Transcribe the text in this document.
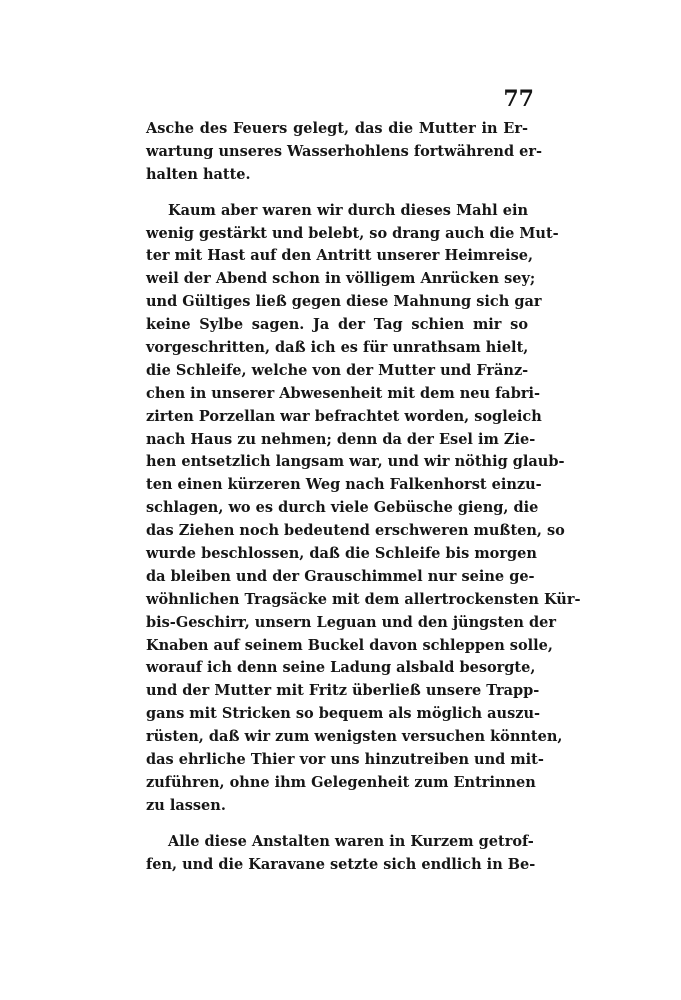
77
Asche des Feuers gelegt, das die Mutter in Er-
wartung unseres Wasserhohlens fortwährend er-
halten hatte.
Kaum aber waren wir durch dieses Mahl ein
wenig gestärkt und belebt, so drang auch die Mut-
ter mit Hast auf den Antritt unserer Heimreise,
weil der Abend schon in völligem Anrücken sey;
und Gültiges ließ gegen diese Mahnung sich gar
keine Sylbe sagen. Ja der Tag schien mir so
vorgeschritten, daß ich es für unrathsam hielt,
die Schleife, welche von der Mutter und Fränz-
chen in unserer Abwesenheit mit dem neu fabri-
zirten Porzellan war befrachtet worden, sogleich
nach Haus zu nehmen; denn da der Esel im Zie-
hen entsetzlich langsam war, und wir nöthig glaub-
ten einen kürzeren Weg nach Falkenhorst einzu-
schlagen, wo es durch viele Gebüsche gieng, die
das Ziehen noch bedeutend erschweren mußten, so
wurde beschlossen, daß die Schleife bis morgen
da bleiben und der Grauschimmel nur seine ge-
wöhnlichen Tragsäcke mit dem allertrockensten Kür-
bis-Geschirr, unsern Leguan und den jüngsten der
Knaben auf seinem Buckel davon schleppen solle,
worauf ich denn seine Ladung alsbald besorgte,
und der Mutter mit Fritz überließ unsere Trapp-
gans mit Stricken so bequem als möglich auszu-
rüsten, daß wir zum wenigsten versuchen könnten,
das ehrliche Thier vor uns hinzutreiben und mit-
zuführen, ohne ihm Gelegenheit zum Entrinnen
zu lassen.
Alle diese Anstalten waren in Kurzem getrof-
fen, und die Karavane setzte sich endlich in Be-
